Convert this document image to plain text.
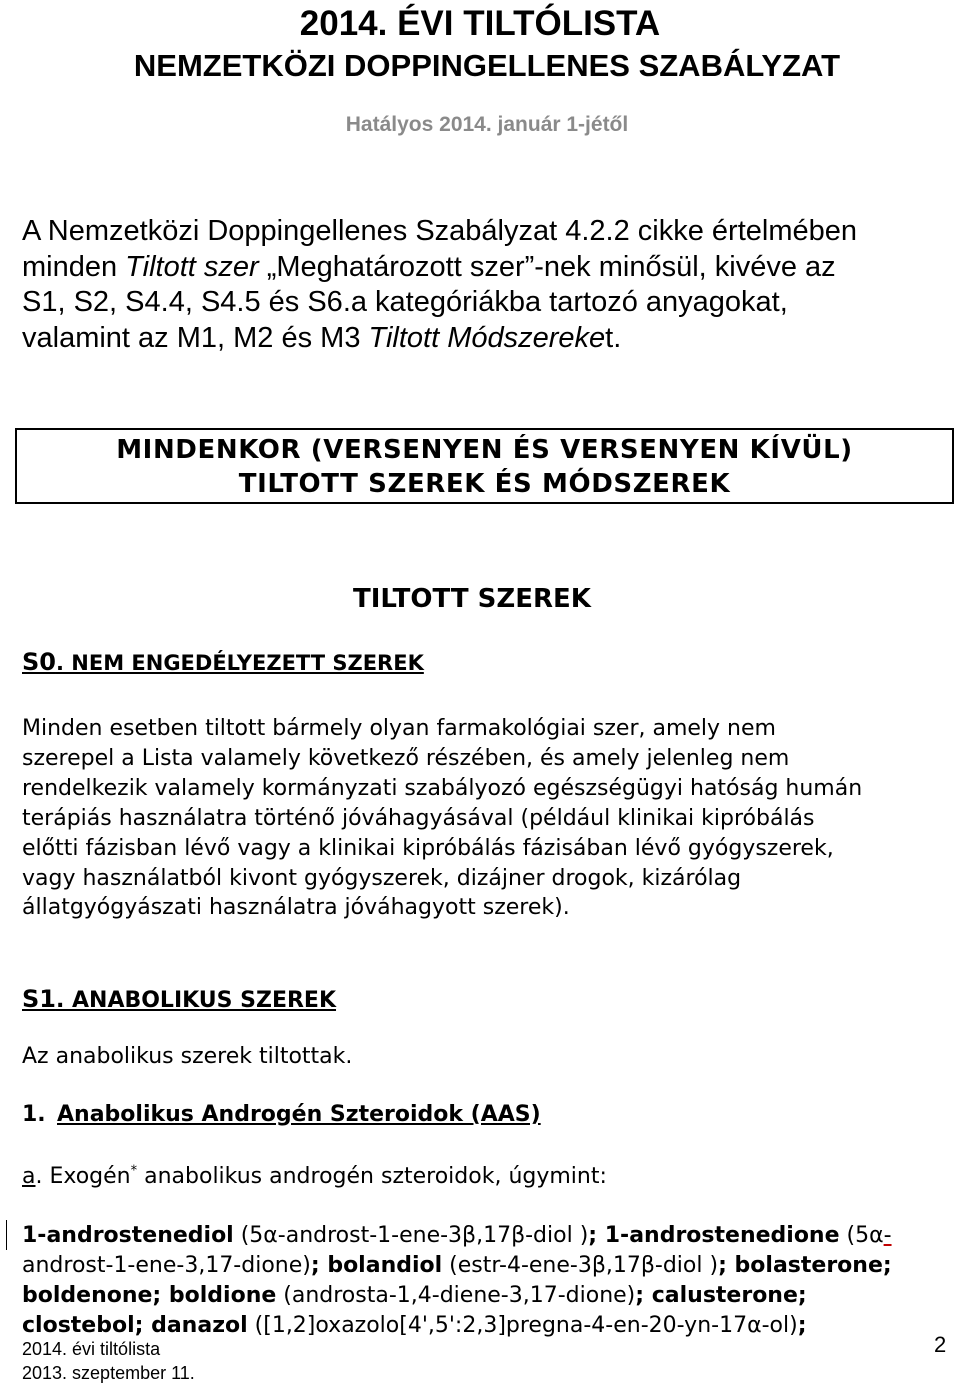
2014. ÉVI TILTÓLISTA
NEMZETKÖZI DOPPINGELLENES SZABÁLYZAT
Hatályos 2014. január 1-jétől

A Nemzetközi Doppingellenes Szabályzat 4.2.2 cikke értelmében

minden Tiltott szer „Meghatározott szer”-nek minősül, kivéve az

S1, S2, S4.4, S4.5 és S6.a kategóriákba tartozó anyagokat,

valamint az M1, M2 és M3 Tiltott Módszereket.

MINDENKOR (VERSENYEN ÉS VERSENYEN KÍVÜL)
TILTOTT SZEREK ÉS MÓDSZEREK
TILTOTT SZEREK
S0. NEM ENGEDÉLYEZETT SZEREK

Minden esetben tiltott bármely olyan farmakológiai szer, amely nem

szerepel a Lista valamely következő részében, és amely jelenleg nem

rendelkezik valamely kormányzati szabályozó egészségügyi hatóság humán

terápiás használatra történő jóváhagyásával (például klinikai kipróbálás

előtti fázisban lévő vagy a klinikai kipróbálás fázisában lévő gyógyszerek,

vagy használatból kivont gyógyszerek, dizájner drogok, kizárólag

állatgyógyászati használatra jóváhagyott szerek).

S1. ANABOLIKUS SZEREK
Az anabolikus szerek tiltottak.
1. Anabolikus Androgén Szteroidok (AAS)
a. Exogén* anabolikus androgén szteroidok, úgymint:

1-androstenediol (5α-androst-1-ene-3β,17β-diol ); 1-androstenedione (5α-

androst-1-ene-3,17-dione); bolandiol (estr-4-ene-3β,17β-diol ); bolasterone;

boldenone; boldione (androsta-1,4-diene-3,17-dione); calusterone;

clostebol; danazol ([1,2]oxazolo[4',5':2,3]pregna-4-en-20-yn-17α-ol);

2014. évi tiltólista
2013. szeptember 11.
2
